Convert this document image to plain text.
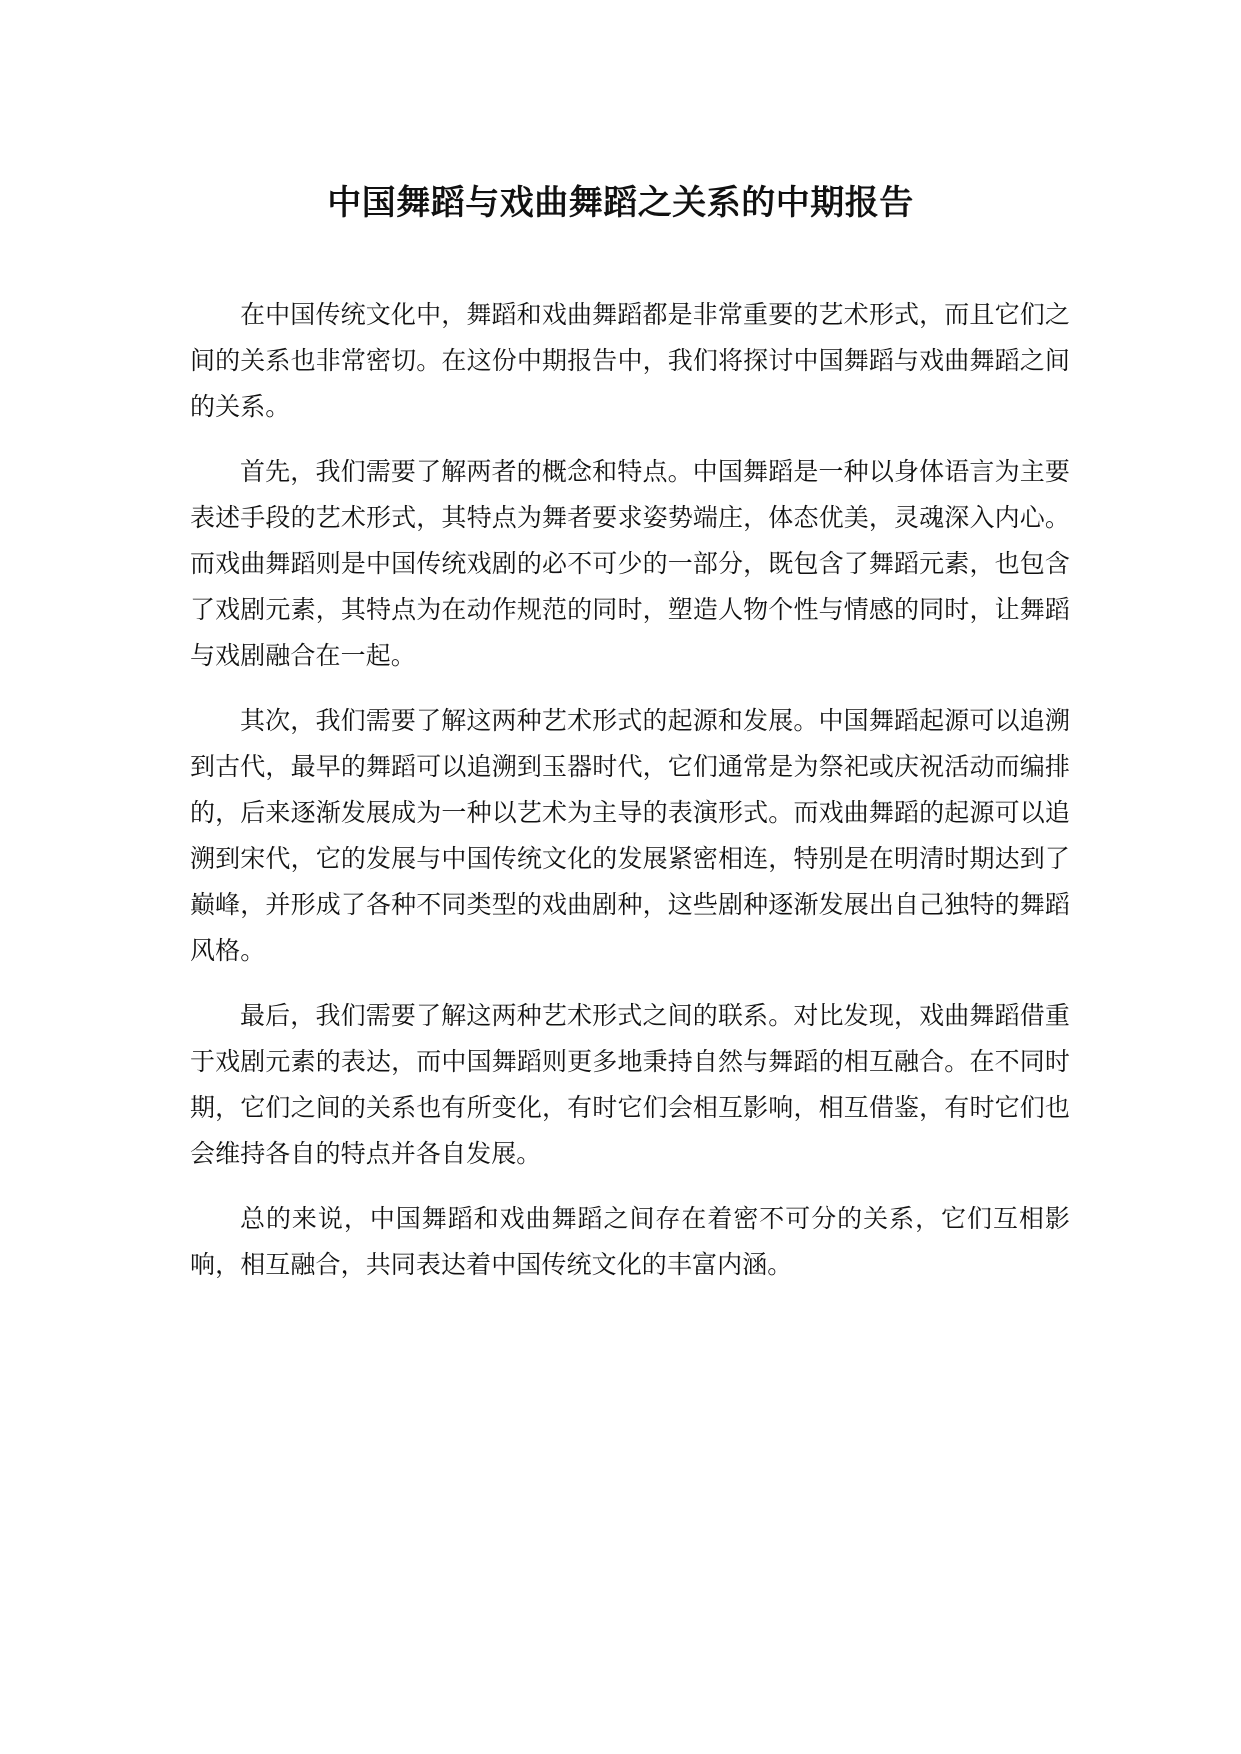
中国舞蹈与戏曲舞蹈之关系的中期报告

在中国传统文化中，舞蹈和戏曲舞蹈都是非常重要的艺术形式，而且它们之间的关系也非常密切。在这份中期报告中，我们将探讨中国舞蹈与戏曲舞蹈之间的关系。

首先，我们需要了解两者的概念和特点。中国舞蹈是一种以身体语言为主要表述手段的艺术形式，其特点为舞者要求姿势端庄，体态优美，灵魂深入内心。而戏曲舞蹈则是中国传统戏剧的必不可少的一部分，既包含了舞蹈元素，也包含了戏剧元素，其特点为在动作规范的同时，塑造人物个性与情感的同时，让舞蹈与戏剧融合在一起。

其次，我们需要了解这两种艺术形式的起源和发展。中国舞蹈起源可以追溯到古代，最早的舞蹈可以追溯到玉器时代，它们通常是为祭祀或庆祝活动而编排的，后来逐渐发展成为一种以艺术为主导的表演形式。而戏曲舞蹈的起源可以追溯到宋代，它的发展与中国传统文化的发展紧密相连，特别是在明清时期达到了巅峰，并形成了各种不同类型的戏曲剧种，这些剧种逐渐发展出自己独特的舞蹈风格。

最后，我们需要了解这两种艺术形式之间的联系。对比发现，戏曲舞蹈借重于戏剧元素的表达，而中国舞蹈则更多地秉持自然与舞蹈的相互融合。在不同时期，它们之间的关系也有所变化，有时它们会相互影响，相互借鉴，有时它们也会维持各自的特点并各自发展。

总的来说，中国舞蹈和戏曲舞蹈之间存在着密不可分的关系，它们互相影响，相互融合，共同表达着中国传统文化的丰富内涵。
